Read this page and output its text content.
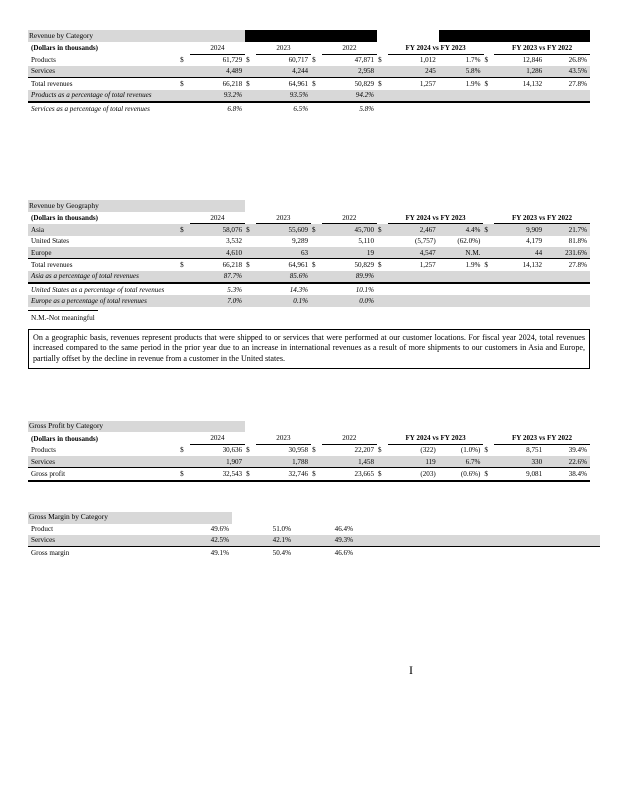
Revenue by Category												
(Dollars in thousands)		2024		2023		2022		FY 2024 vs FY 2023			FY 2023 vs FY 2022	
Products	$	61,729	$	60,717	$	47,871	$	1,012	1.7%	$	12,846	26.8%
Services		4,489		4,244		2,958		245	5.8%		1,286	43.5%
Total revenues	$	66,218	$	64,961	$	50,829	$	1,257	1.9%	$	14,132	27.8%
Products as a percentage of total revenues		93.2%		93.5%		94.2%						
Services as a percentage of total revenues		6.8%		6.5%		5.8%						
Revenue by Geography												
(Dollars in thousands)		2024		2023		2022		FY 2024 vs FY 2023			FY 2023 vs FY 2022	
Asia	$	58,076	$	55,609	$	45,700	$	2,467	4.4%	$	9,909	21.7%
United States		3,532		9,289		5,110		(5,757)	(62.0%)		4,179	81.8%
Europe		4,610		63		19		4,547	N.M.		44	231.6%
Total revenues	$	66,218	$	64,961	$	50,829	$	1,257	1.9%	$	14,132	27.8%
Asia as a percentage of total revenues		87.7%		85.6%		89.9%						
United States as a percentage of total revenues		5.3%		14.3%		10.1%						
Europe as a percentage of total revenues		7.0%		0.1%		0.0%						
N.M.-Not meaningful
On a geographic basis, revenues represent products that were shipped to or services that were performed at our customer locations. For fiscal year 2024, total revenues increased compared to the same period in the prior year due to an increase in international revenues as a result of more shipments to our customers in Asia and Europe, partially offset by the decline in revenue from a customer in the United states.
Gross Profit by Category												
(Dollars in thousands)		2024		2023		2022		FY 2024 vs FY 2023			FY 2023 vs FY 2022	
Products	$	30,636	$	30,958	$	22,207	$	(322)	(1.0%)	$	8,751	39.4%
Services		1,907		1,788		1,458		119	6.7%		330	22.6%
Gross profit	$	32,543	$	32,746	$	23,665	$	(203)	(0.6%)	$	9,081	38.4%
Gross Margin by Category							
Product		49.6%		51.0%		46.4%	
Services		42.5%		42.1%		49.3%	
Gross margin		49.1%		50.4%		46.6%	
I
